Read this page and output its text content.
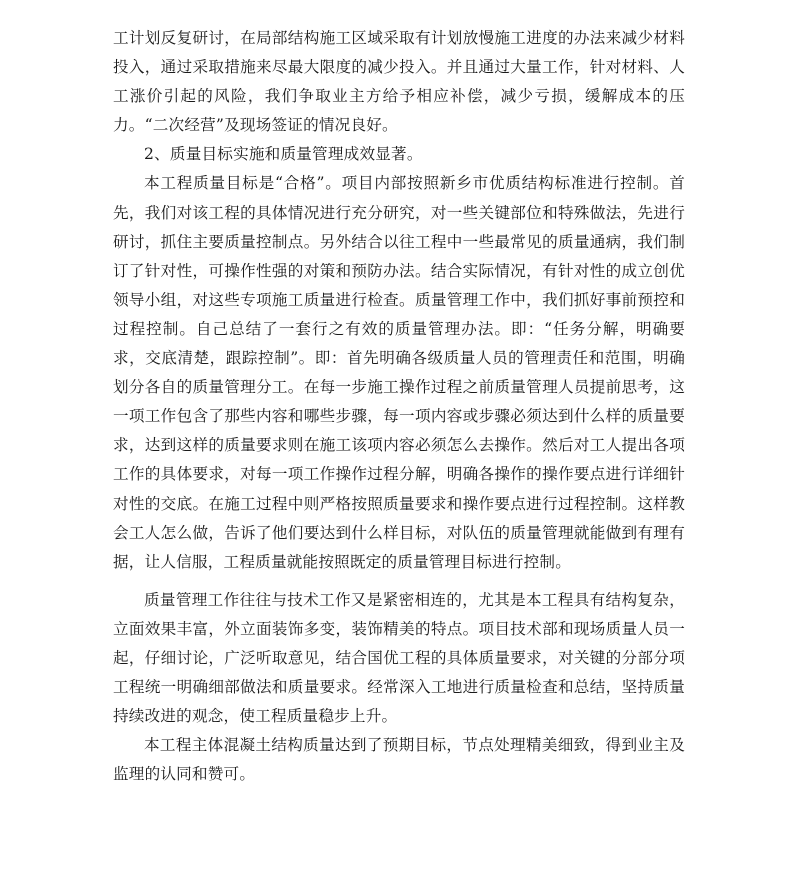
工计划反复研讨，在局部结构施工区域采取有计划放慢施工进度的办法来减少材料投入，通过采取措施来尽最大限度的减少投入。并且通过大量工作，针对材料、人工涨价引起的风险，我们争取业主方给予相应补偿，减少亏损，缓解成本的压力。“二次经营”及现场签证的情况良好。

2、质量目标实施和质量管理成效显著。

本工程质量目标是“合格”。项目内部按照新乡市优质结构标准进行控制。首先，我们对该工程的具体情况进行充分研究，对一些关键部位和特殊做法，先进行研讨，抓住主要质量控制点。另外结合以往工程中一些最常见的质量通病，我们制订了针对性，可操作性强的对策和预防办法。结合实际情况，有针对性的成立创优领导小组，对这些专项施工质量进行检查。质量管理工作中，我们抓好事前预控和过程控制。自己总结了一套行之有效的质量管理办法。即：“任务分解，明确要求，交底清楚，跟踪控制”。即：首先明确各级质量人员的管理责任和范围，明确划分各自的质量管理分工。在每一步施工操作过程之前质量管理人员提前思考，这一项工作包含了那些内容和哪些步骤，每一项内容或步骤必须达到什么样的质量要求，达到这样的质量要求则在施工该项内容必须怎么去操作。然后对工人提出各项工作的具体要求，对每一项工作操作过程分解，明确各操作的操作要点进行详细针对性的交底。在施工过程中则严格按照质量要求和操作要点进行过程控制。这样教会工人怎么做，告诉了他们要达到什么样目标，对队伍的质量管理就能做到有理有据，让人信服，工程质量就能按照既定的质量管理目标进行控制。

质量管理工作往往与技术工作又是紧密相连的，尤其是本工程具有结构复杂，立面效果丰富，外立面装饰多变，装饰精美的特点。项目技术部和现场质量人员一起，仔细讨论，广泛听取意见，结合国优工程的具体质量要求，对关键的分部分项工程统一明确细部做法和质量要求。经常深入工地进行质量检查和总结，坚持质量持续改进的观念，使工程质量稳步上升。

本工程主体混凝土结构质量达到了预期目标，节点处理精美细致，得到业主及监理的认同和赞可。
